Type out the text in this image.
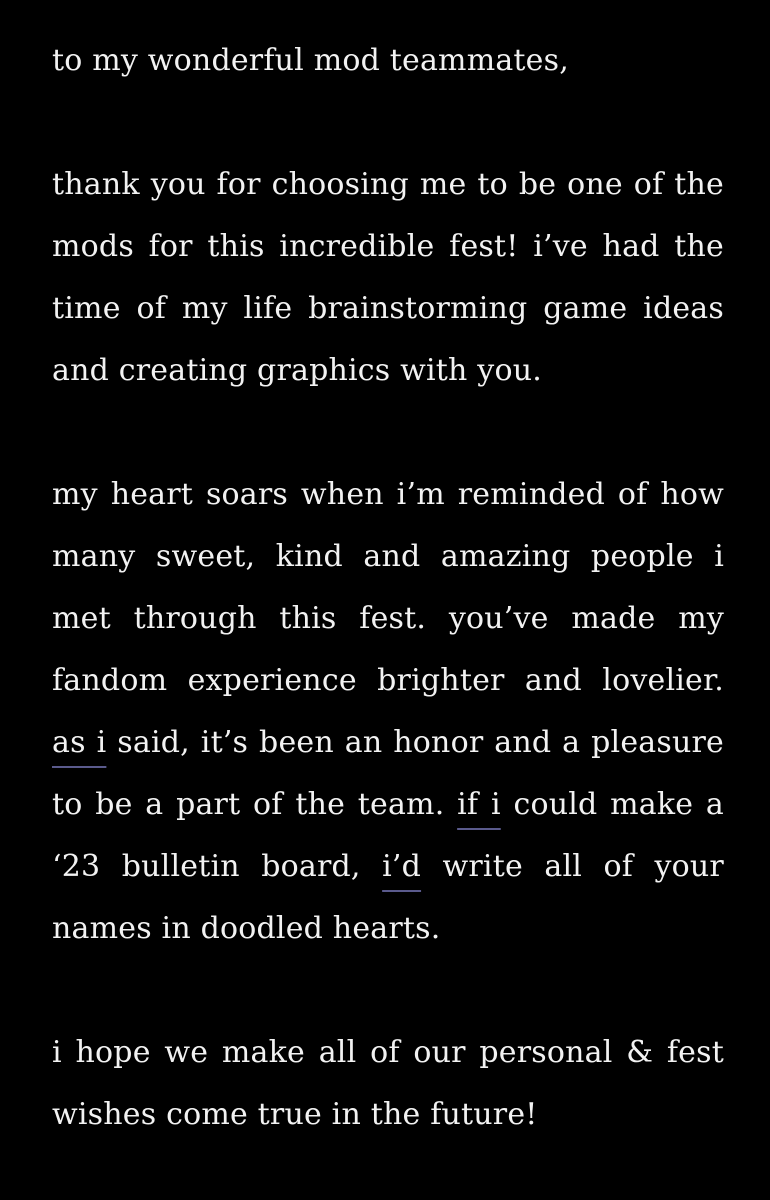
to my wonderful mod teammates,

thank you for choosing me to be one of the mods for this incredible fest! i’ve had the time of my life brainstorming game ideas and creating graphics with you.

my heart soars when i’m reminded of how many sweet, kind and amazing people i met through this fest. you’ve made my fandom experience brighter and lovelier. as i said, it’s been an honor and a pleasure to be a part of the team. if i could make a ‘23 bulletin board, i’d write all of your names in doodled hearts.

i hope we make all of our personal & fest wishes come true in the future!
